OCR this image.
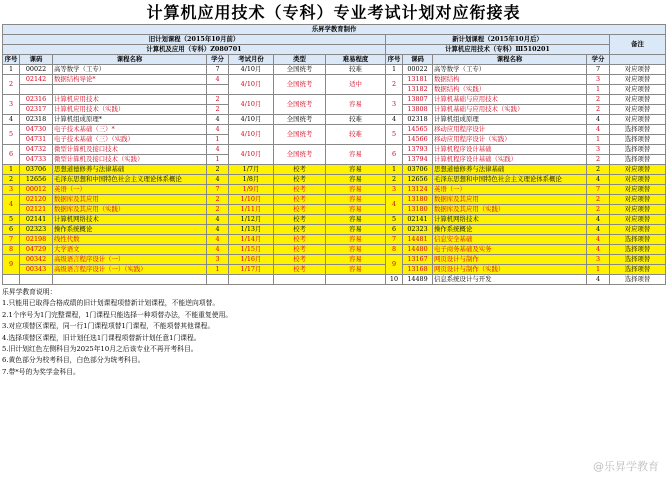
计算机应用技术（专科）专业考试计划对应衔接表
乐昇学教育制作											
旧计划课程（2015年10月前）							新计划课程（2015年10月后）				备注
计算机及应用（专科）Z080701							计算机应用技术（专科）Ⅲ510201				
序号	课码	课程名称	学分	考试月份	类型	难易程度	序号	课码	课程名称	学分	
1	00022	高等数学（工专）	7	4/10月	全国统考	较难	1	00022	高等数学（工专）	7	对应项替
2	02142	数据结构导论*	4	4/10月	全国统考	适中	2	13181	数据结构	3	对应项替
								13182	数据结构（实践）	1	对应项替
3	02316	计算机应用技术	2	4/10月	全国统考	容易	3	13807	计算机基础与应用技术	2	对应项替
	02317	计算机应用技术（实践）	2					13808	计算机基础与应用技术（实践）	2	对应项替
4	02318	计算机组成原理*	4	4/10月	全国统考	较难	4	02318	计算机组成原理	4	对应项替
5	04730	电子技术基础（三）*	4	4/10月	全国统考	较难	5	14565	移动应用程序设计	4	选择项替
	04731	电子技术基础（三）（实践）	1					14566	移动应用程序设计（实践）	1	选择项替
6	04732	微型计算机及接口技术	4	4/10月	全国统考	容易	6	13793	计算机程序设计基础	3	选择项替
	04733	微型计算机及接口技术（实践）	1					13794	计算机程序设计基础（实践）	2	选择项替
1	03706	思想道德修养与法律基础	2	1/7月	校考	容易	1	03706	思想道德修养与法律基础	2	对应项替
2	12656	毛泽东思想和中国特色社会主义理论体系概论	4	1/8月	校考	容易	2	12656	毛泽东思想和中国特色社会主义理论体系概论	4	对应项替
3	00012	英语（一）	7	1/9月	校考	容易	3	13124	英语（一）	7	对应项替
4	02120	数据库及其应用	2	1/10月	校考	容易	4	13180	数据库及其应用	2	对应项替
	02121	数据库及其应用（实践）	2	1/11月	校考	容易		13180	数据库及其应用（实践）	2	对应项替
5	02141	计算机网络技术	4	1/12月	校考	容易	5	02141	计算机网络技术	4	对应项替
6	02323	操作系统概论	4	1/13月	校考	容易	6	02323	操作系统概论	4	对应项替
7	02198	线性代数	4	1/14月	校考	容易	7	14481	信息安全基础	4	选择项替
8	04729	大学语文	4	1/15月	校考	容易	8	14480	电子商务基础及实务	4	选择项替
9	00342	高级语言程序设计（一）	3	1/16月	校考	容易	9	13167	网页设计与制作	3	选择项替
	00343	高级语言程序设计（一）（实践）	1	1/17月	校考	容易		13168	网页设计与制作（实践）	1	选择项替
							10	14489	信息系统设计与开发	4	选择项替
乐昇学教育说明：
1.只能用已取得合格成绩的旧计划课程项替新计划课程，不能逆向项替。
2.1个序号为1门完整课程，1门课程只能选择一种项替办法，不能重复使用。
3.对应项替区课程，同一行1门课程项替1门课程，不能项替其他课程。
4.选择项替区课程，旧计划任选1门课程项替新计划任意1门课程。
5.旧计划红色左侧科目为2025年10月之后该专业不再开考科目。
6.黄色部分为校考科目，白色部分为统考科目。
7.带*号的为奖学金科目。
@乐昇学教育
